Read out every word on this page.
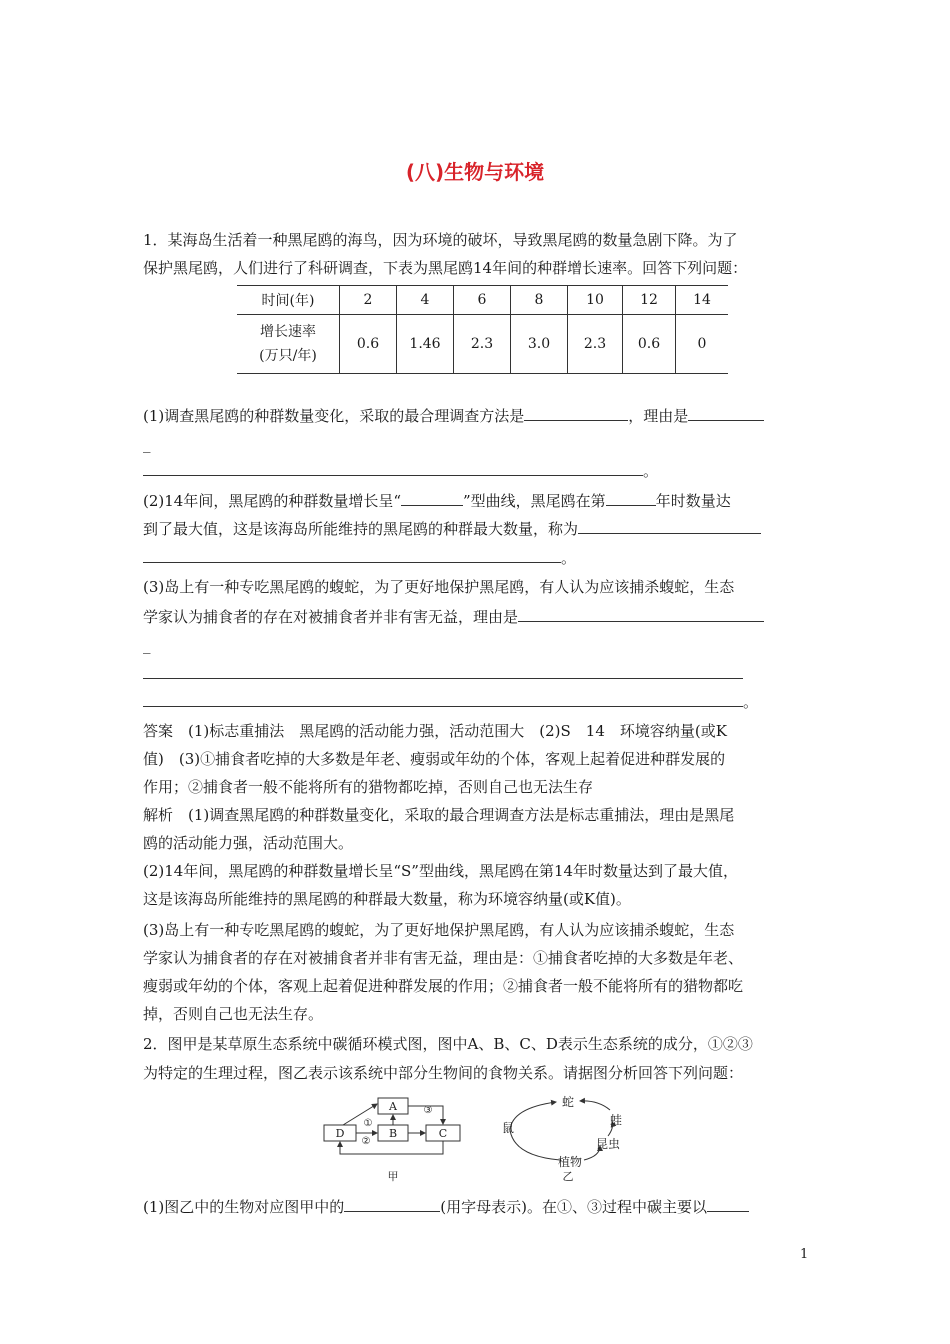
(八)生物与环境
1．某海岛生活着一种黑尾鸥的海鸟，因为环境的破坏，导致黑尾鸥的数量急剧下降。为了
保护黑尾鸥，人们进行了科研调查，下表为黑尾鸥14年间的种群增长速率。回答下列问题：
时间(年)	2	4	6	8	10	12	14

增长速率
(万只/年)	0.6	1.46	2.3	3.0	2.3	0.6	0
(1)调查黑尾鸥的种群数量变化，采取的最合理调查方法是	，理由是
_
。
(2)14年间，黑尾鸥的种群数量增长呈“	”型曲线，黑尾鸥在第	年时数量达
到了最大值，这是该海岛所能维持的黑尾鸥的种群最大数量，称为
。
(3)岛上有一种专吃黑尾鸥的蝮蛇，为了更好地保护黑尾鸥，有人认为应该捕杀蝮蛇，生态
学家认为捕食者的存在对被捕食者并非有害无益，理由是
_
。
答案　(1)标志重捕法　黑尾鸥的活动能力强，活动范围大　(2)S　14　环境容纳量(或K
值)　(3)①捕食者吃掉的大多数是年老、瘦弱或年幼的个体，客观上起着促进种群发展的
作用；②捕食者一般不能将所有的猎物都吃掉，否则自己也无法生存
解析　(1)调查黑尾鸥的种群数量变化，采取的最合理调查方法是标志重捕法，理由是黑尾
鸥的活动能力强，活动范围大。
(2)14年间，黑尾鸥的种群数量增长呈“S”型曲线，黑尾鸥在第14年时数量达到了最大值，
这是该海岛所能维持的黑尾鸥的种群最大数量，称为环境容纳量(或K值)。
(3)岛上有一种专吃黑尾鸥的蝮蛇，为了更好地保护黑尾鸥，有人认为应该捕杀蝮蛇，生态
学家认为捕食者的存在对被捕食者并非有害无益，理由是：①捕食者吃掉的大多数是年老、
瘦弱或年幼的个体，客观上起着促进种群发展的作用；②捕食者一般不能将所有的猎物都吃
掉，否则自己也无法生存。
2．图甲是某草原生态系统中碳循环模式图，图中A、B、C、D表示生态系统的成分，①②③
为特定的生理过程，图乙表示该系统中部分生物间的食物关系。请据图分析回答下列问题：
A
B	C
D
①
②
③
甲
蛇
蛙
昆虫
植物
鼠
乙
(1)图乙中的生物对应图甲中的	(用字母表示)。在①、③过程中碳主要以
1
